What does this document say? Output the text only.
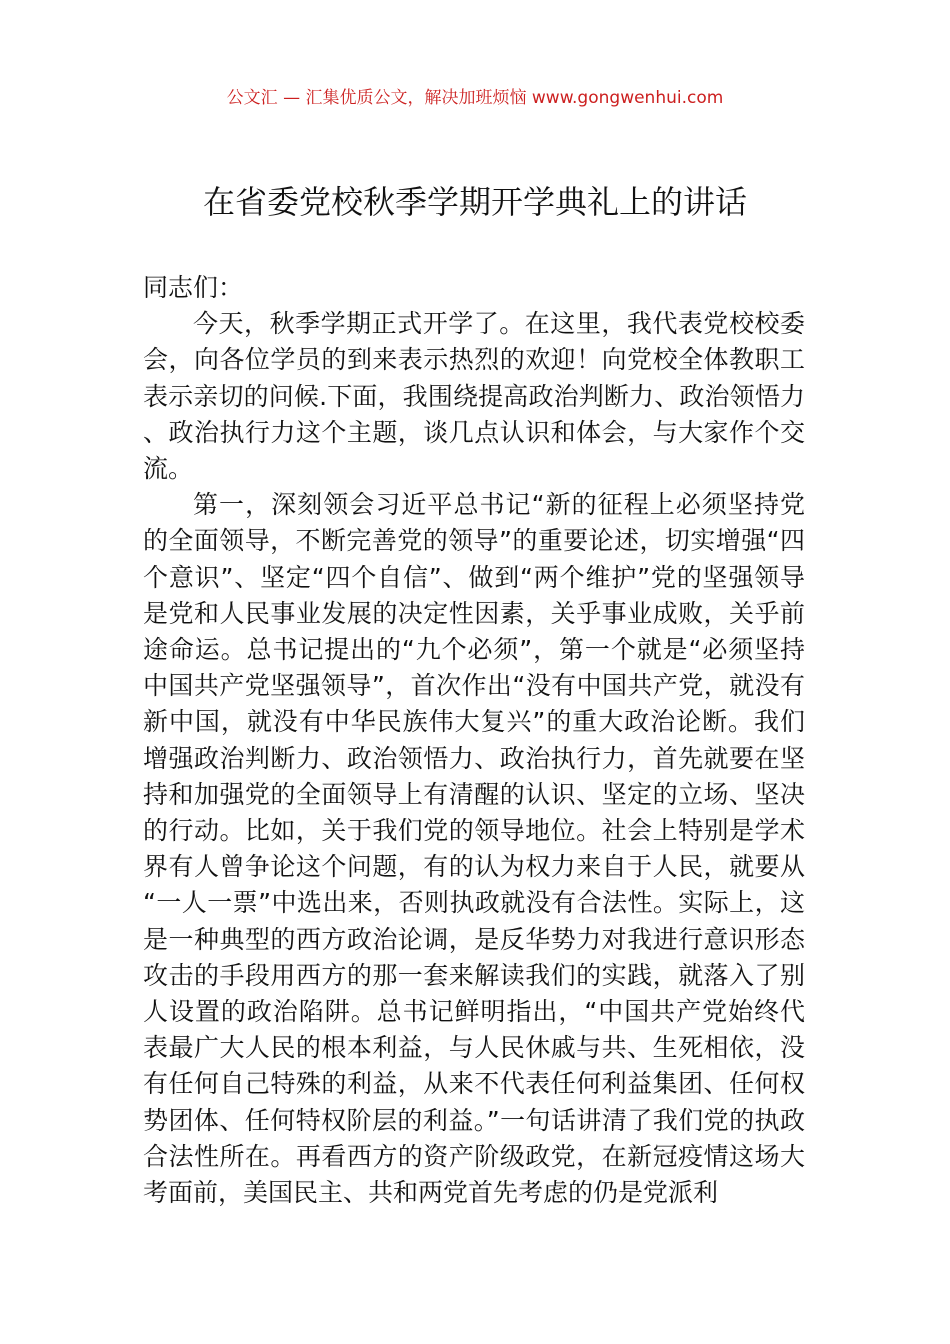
公文汇 — 汇集优质公文，解决加班烦恼 www.gongwenhui.com
在省委党校秋季学期开学典礼上的讲话

同志们：

今天，秋季学期正式开学了。在这里，我代表党校校委会，向各位学员的到来表示热烈的欢迎！向党校全体教职工表示亲切的问候.下面，我围绕提高政治判断力、政治领悟力、政治执行力这个主题，谈几点认识和体会，与大家作个交流。

第一，深刻领会习近平总书记“新的征程上必须坚持党的全面领导，不断完善党的领导”的重要论述，切实增强“四个意识”、坚定“四个自信”、做到“两个维护”党的坚强领导是党和人民事业发展的决定性因素，关乎事业成败，关乎前途命运。总书记提出的“九个必须”，第一个就是“必须坚持中国共产党坚强领导”，首次作出“没有中国共产党，就没有新中国，就没有中华民族伟大复兴”的重大政治论断。我们增强政治判断力、政治领悟力、政治执行力，首先就要在坚持和加强党的全面领导上有清醒的认识、坚定的立场、坚决的行动。比如，关于我们党的领导地位。社会上特别是学术界有人曾争论这个问题，有的认为权力来自于人民，就要从“一人一票”中选出来，否则执政就没有合法性。实际上，这是一种典型的西方政治论调，是反华势力对我进行意识形态攻击的手段用西方的那一套来解读我们的实践，就落入了别人设置的政治陷阱。总书记鲜明指出，“中国共产党始终代表最广大人民的根本利益，与人民休戚与共、生死相依，没有任何自己特殊的利益，从来不代表任何利益集团、任何权势团体、任何特权阶层的利益。”一句话讲清了我们党的执政合法性所在。再看西方的资产阶级政党，在新冠疫情这场大考面前，美国民主、共和两党首先考虑的仍是党派利
